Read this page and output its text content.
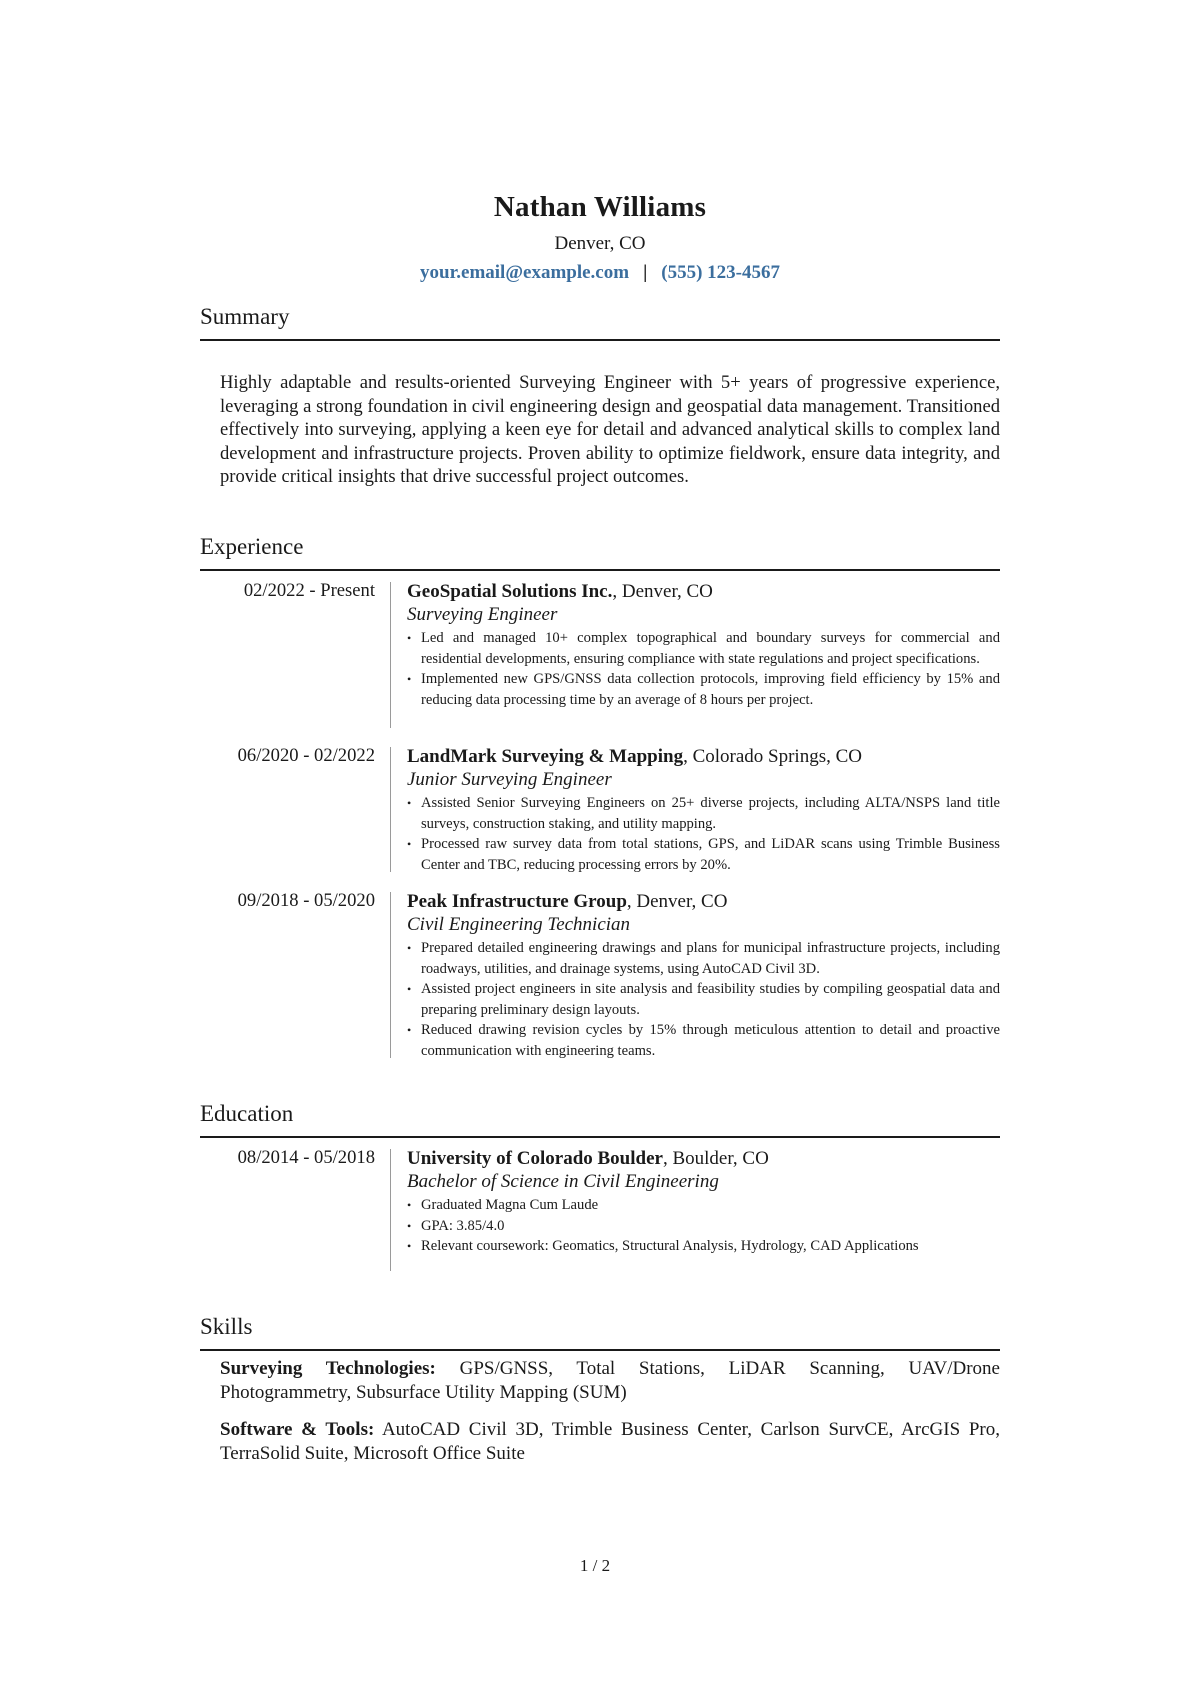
Nathan Williams
Denver, CO
your.email@example.com | (555) 123-4567
Summary
Highly adaptable and results-oriented Surveying Engineer with 5+ years of progressive experience, leveraging a strong foundation in civil engineering design and geospatial data management. Transitioned effectively into surveying, applying a keen eye for detail and advanced analytical skills to complex land development and infrastructure projects. Proven ability to optimize fieldwork, ensure data integrity, and provide critical insights that drive successful project outcomes.
Experience
02/2022 - Present GeoSpatial Solutions Inc., Denver, CO
Surveying Engineer
• Led and managed 10+ complex topographical and boundary surveys for commercial and residential developments, ensuring compliance with state regulations and project specifications.
• Implemented new GPS/GNSS data collection protocols, improving field efficiency by 15% and reducing data processing time by an average of 8 hours per project.
06/2020 - 02/2022 LandMark Surveying & Mapping, Colorado Springs, CO
Junior Surveying Engineer
• Assisted Senior Surveying Engineers on 25+ diverse projects, including ALTA/NSPS land title surveys, construction staking, and utility mapping.
• Processed raw survey data from total stations, GPS, and LiDAR scans using Trimble Business Center and TBC, reducing processing errors by 20%.
09/2018 - 05/2020 Peak Infrastructure Group, Denver, CO
Civil Engineering Technician
• Prepared detailed engineering drawings and plans for municipal infrastructure projects, including roadways, utilities, and drainage systems, using AutoCAD Civil 3D.
• Assisted project engineers in site analysis and feasibility studies by compiling geospatial data and preparing preliminary design layouts.
• Reduced drawing revision cycles by 15% through meticulous attention to detail and proactive communication with engineering teams.
Education
08/2014 - 05/2018 University of Colorado Boulder, Boulder, CO
Bachelor of Science in Civil Engineering
• Graduated Magna Cum Laude
• GPA: 3.85/4.0
• Relevant coursework: Geomatics, Structural Analysis, Hydrology, CAD Applications
Skills
Surveying Technologies: GPS/GNSS, Total Stations, LiDAR Scanning, UAV/Drone Photogrammetry, Subsurface Utility Mapping (SUM)
Software & Tools: AutoCAD Civil 3D, Trimble Business Center, Carlson SurvCE, ArcGIS Pro, TerraSolid Suite, Microsoft Office Suite
1 / 2
